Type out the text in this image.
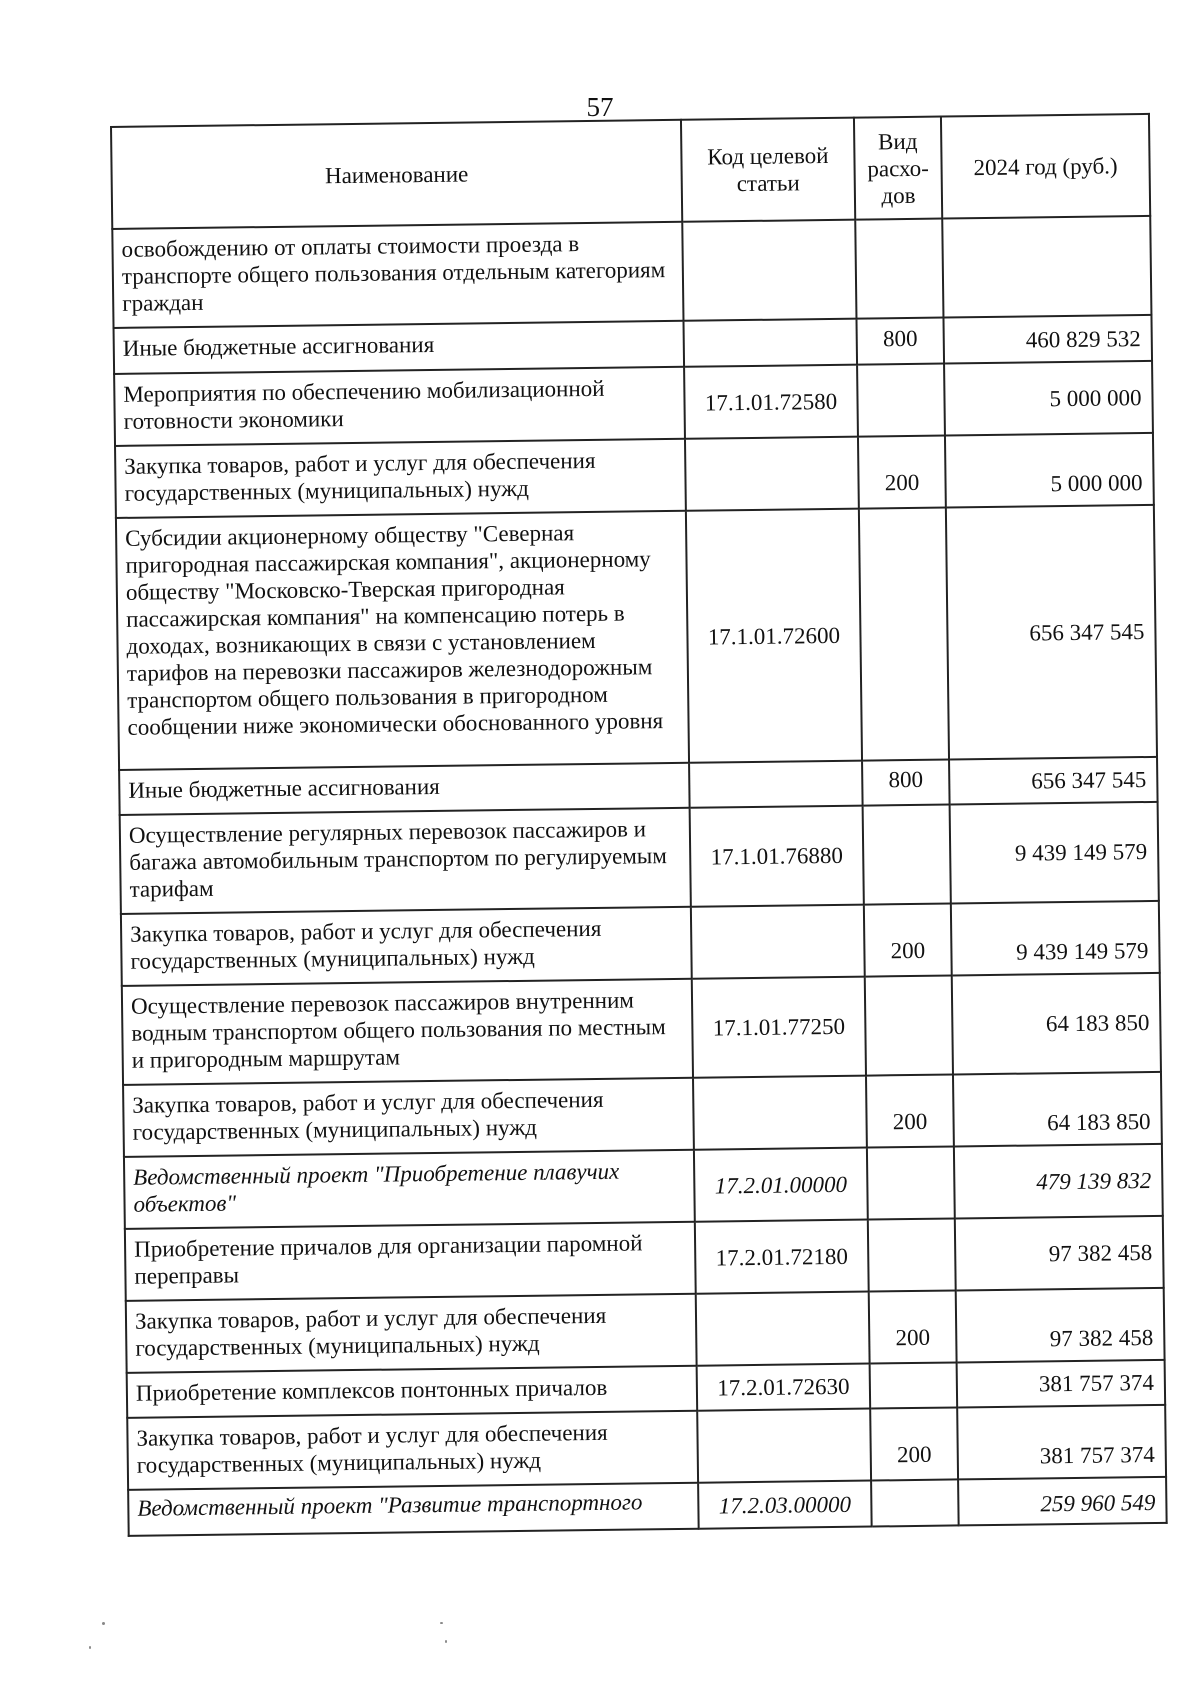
57
Наименование	Код целевой статьи	Вид расхо-дов	2024 год (руб.)
освобождению от оплаты стоимости проезда в транспорте общего пользования отдельным категориям граждан			
Иные бюджетные ассигнования		800	460 829 532
Мероприятия по обеспечению мобилизационной готовности экономики	17.1.01.72580		5 000 000
Закупка товаров, работ и услуг для обеспечения государственных (муниципальных) нужд		200	5 000 000
Субсидии акционерному обществу "Северная пригородная пассажирская компания", акционерному обществу "Московско-Тверская пригородная пассажирская компания" на компенсацию потерь в доходах, возникающих в связи с установлением тарифов на перевозки пассажиров железнодорожным транспортом общего пользования в пригородном сообщении ниже экономически обоснованного уровня	17.1.01.72600		656 347 545
Иные бюджетные ассигнования		800	656 347 545
Осуществление регулярных перевозок пассажиров и багажа автомобильным транспортом по регулируемым тарифам	17.1.01.76880		9 439 149 579
Закупка товаров, работ и услуг для обеспечения государственных (муниципальных) нужд		200	9 439 149 579
Осуществление перевозок пассажиров внутренним водным транспортом общего пользования по местным и пригородным маршрутам	17.1.01.77250		64 183 850
Закупка товаров, работ и услуг для обеспечения государственных (муниципальных) нужд		200	64 183 850
Ведомственный проект "Приобретение плавучих объектов"	17.2.01.00000		479 139 832
Приобретение причалов для организации паромной переправы	17.2.01.72180		97 382 458
Закупка товаров, работ и услуг для обеспечения государственных (муниципальных) нужд		200	97 382 458
Приобретение комплексов понтонных причалов	17.2.01.72630		381 757 374
Закупка товаров, работ и услуг для обеспечения государственных (муниципальных) нужд		200	381 757 374
Ведомственный проект "Развитие транспортного	17.2.03.00000		259 960 549
